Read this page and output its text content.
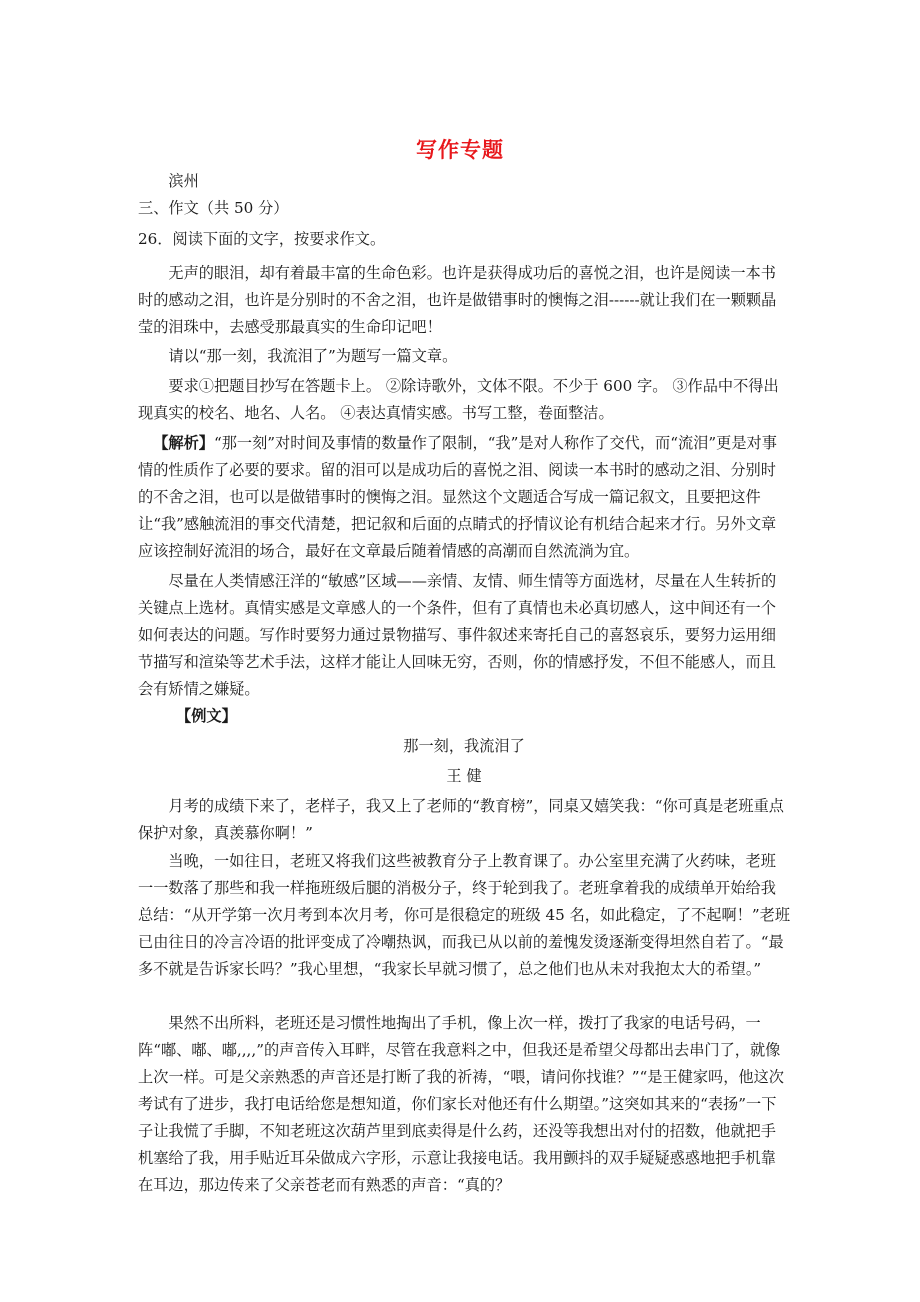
写作专题

滨州

三、作文（共 50 分）

26．阅读下面的文字，按要求作文。

无声的眼泪，却有着最丰富的生命色彩。也许是获得成功后的喜悦之泪，也许是阅读一本书时的感动之泪，也许是分别时的不舍之泪，也许是做错事时的懊悔之泪------就让我们在一颗颗晶莹的泪珠中，去感受那最真实的生命印记吧！

请以“那一刻，我流泪了”为题写一篇文章。

要求①把题目抄写在答题卡上。 ②除诗歌外，文体不限。不少于 600 字。 ③作品中不得出现真实的校名、地名、人名。 ④表达真情实感。书写工整，卷面整洁。

【解析】“那一刻”对时间及事情的数量作了限制，“我”是对人称作了交代，而“流泪”更是对事情的性质作了必要的要求。留的泪可以是成功后的喜悦之泪、阅读一本书时的感动之泪、分别时的不舍之泪，也可以是做错事时的懊悔之泪。显然这个文题适合写成一篇记叙文，且要把这件让“我”感触流泪的事交代清楚，把记叙和后面的点睛式的抒情议论有机结合起来才行。另外文章应该控制好流泪的场合，最好在文章最后随着情感的高潮而自然流淌为宜。

尽量在人类情感汪洋的“敏感”区域——亲情、友情、师生情等方面选材，尽量在人生转折的关键点上选材。真情实感是文章感人的一个条件，但有了真情也未必真切感人，这中间还有一个如何表达的问题。写作时要努力通过景物描写、事件叙述来寄托自己的喜怒哀乐，要努力运用细节描写和渲染等艺术手法，这样才能让人回味无穷，否则，你的情感抒发，不但不能感人，而且会有矫情之嫌疑。

【例文】

那一刻，我流泪了

王 健

月考的成绩下来了，老样子，我又上了老师的“教育榜”，同桌又嬉笑我：“你可真是老班重点保护对象，真羡慕你啊！”

当晚，一如往日，老班又将我们这些被教育分子上教育课了。办公室里充满了火药味，老班一一数落了那些和我一样拖班级后腿的消极分子，终于轮到我了。老班拿着我的成绩单开始给我总结：“从开学第一次月考到本次月考，你可是很稳定的班级 45 名，如此稳定，了不起啊！”老班已由往日的冷言冷语的批评变成了冷嘲热讽，而我已从以前的羞愧发烫逐渐变得坦然自若了。“最多不就是告诉家长吗？”我心里想，“我家长早就习惯了，总之他们也从未对我抱太大的希望。”

果然不出所料，老班还是习惯性地掏出了手机，像上次一样，拨打了我家的电话号码，一阵“嘟、嘟、嘟,,,,”的声音传入耳畔，尽管在我意料之中，但我还是希望父母都出去串门了，就像上次一样。可是父亲熟悉的声音还是打断了我的祈祷，“喂，请问你找谁？”“是王健家吗，他这次考试有了进步，我打电话给您是想知道，你们家长对他还有什么期望。”这突如其来的“表扬”一下子让我慌了手脚，不知老班这次葫芦里到底卖得是什么药，还没等我想出对付的招数，他就把手机塞给了我，用手贴近耳朵做成六字形，示意让我接电话。我用颤抖的双手疑疑惑惑地把手机靠在耳边，那边传来了父亲苍老而有熟悉的声音：“真的？
